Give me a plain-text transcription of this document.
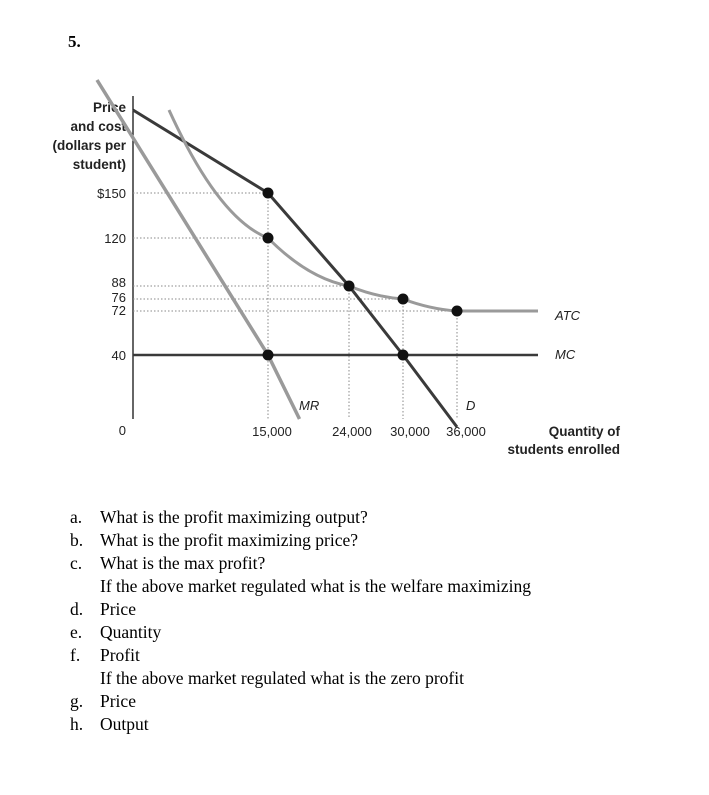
5.
Price
and cost
(dollars per
student)
$150
120
88
76
72
40
0	15,000	24,000 30,000 36,000	Quantity of
students enrolled
ATC
MC
MR	D
a.	What is the profit maximizing output?
b. What is the profit maximizing price?
c.	What is the max profit?
If the above market regulated what is the welfare maximizing
d. Price
e.	Quantity
f.	Profit
If the above market regulated what is the zero profit
g. Price
h. Output
